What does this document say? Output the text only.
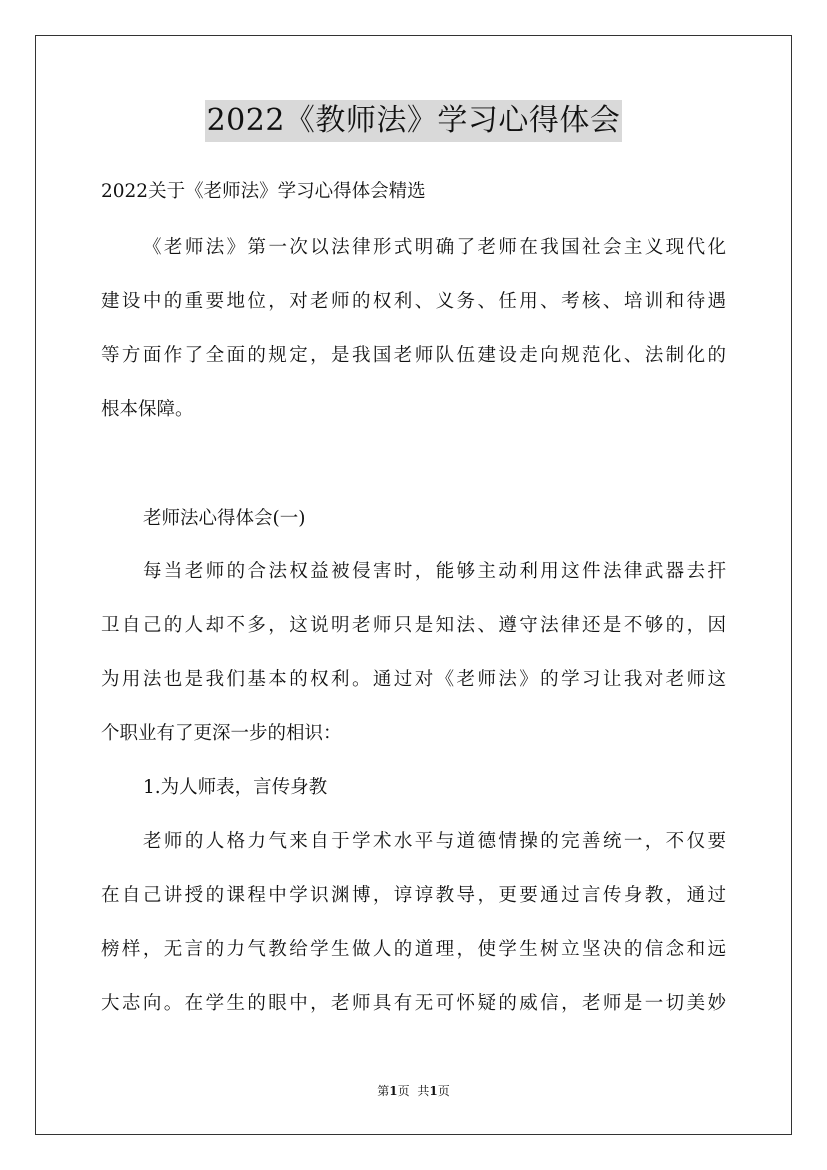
2022《教师法》学习心得体会
2022关于《老师法》学习心得体会精选
《老师法》第一次以法律形式明确了老师在我国社会主义现代化
建设中的重要地位，对老师的权利、义务、任用、考核、培训和待遇
等方面作了全面的规定，是我国老师队伍建设走向规范化、法制化的
根本保障。
老师法心得体会(一)
每当老师的合法权益被侵害时，能够主动利用这件法律武器去扞
卫自己的人却不多，这说明老师只是知法、遵守法律还是不够的，因
为用法也是我们基本的权利。通过对《老师法》的学习让我对老师这
个职业有了更深一步的相识：
1.为人师表，言传身教
老师的人格力气来自于学术水平与道德情操的完善统一，不仅要
在自己讲授的课程中学识渊博，谆谆教导，更要通过言传身教，通过
榜样，无言的力气教给学生做人的道理，使学生树立坚决的信念和远
大志向。在学生的眼中，老师具有无可怀疑的威信，老师是一切美妙
第1页 共1页
